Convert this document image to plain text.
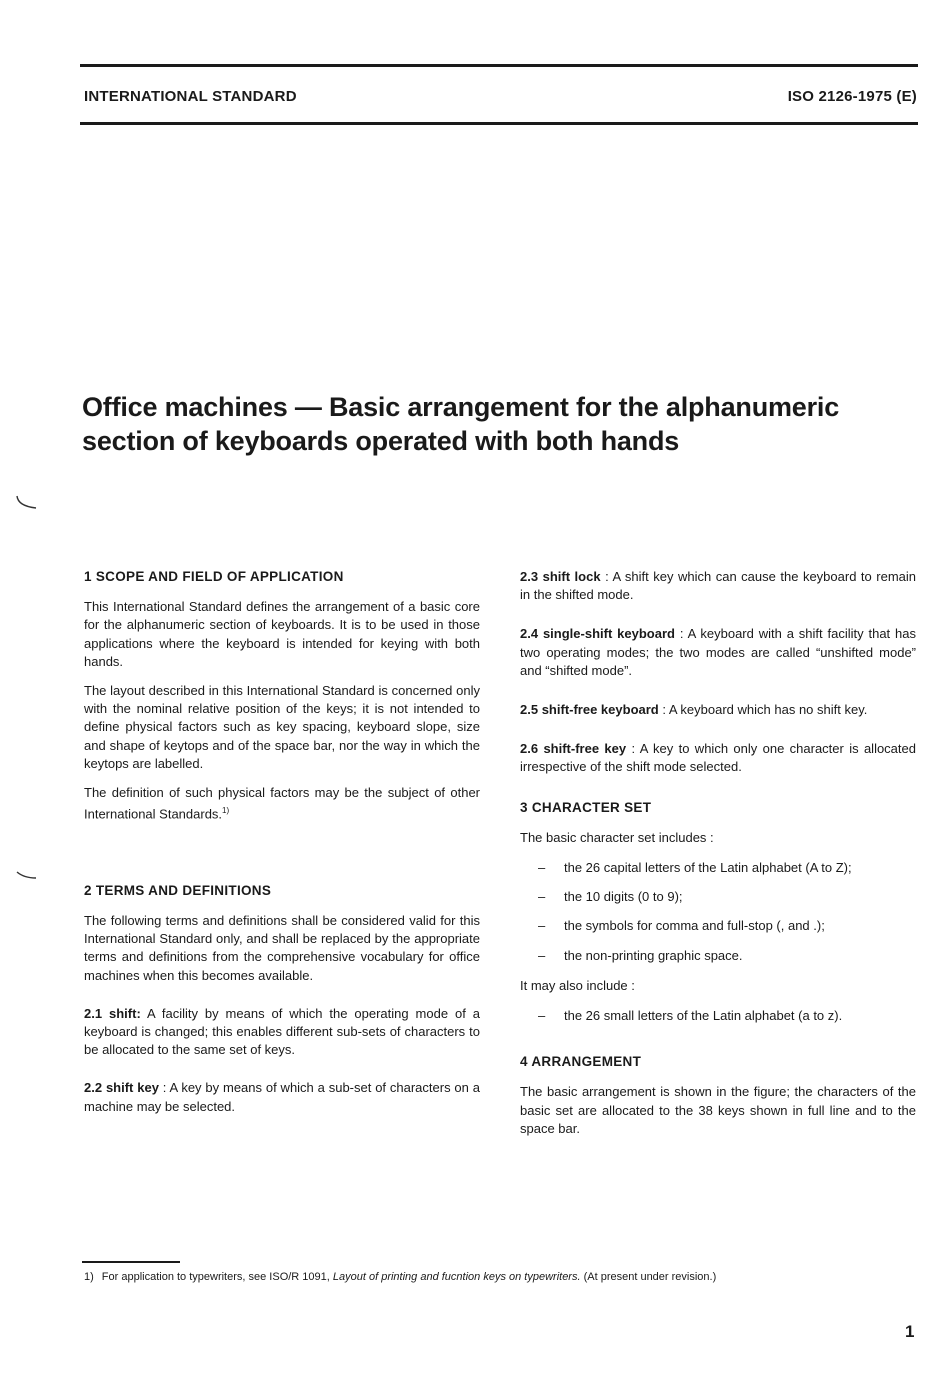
INTERNATIONAL STANDARD	ISO 2126-1975 (E)
Office machines — Basic arrangement for the alphanumeric
section of keyboards operated with both hands
1 SCOPE AND FIELD OF APPLICATION

This International Standard defines the arrangement of a basic core for the alphanumeric section of keyboards. It is to be used in those applications where the keyboard is intended for keying with both hands.

The layout described in this International Standard is concerned only with the nominal relative position of the keys; it is not intended to define physical factors such as key spacing, keyboard slope, size and shape of keytops and of the space bar, nor the way in which the keytops are labelled.

The definition of such physical factors may be the subject of other International Standards.$^{1)}$

2 TERMS AND DEFINITIONS

The following terms and definitions shall be considered valid for this International Standard only, and shall be replaced by the appropriate terms and definitions from the comprehensive vocabulary for office machines when this becomes available.

2.1 shift: A facility by means of which the operating mode of a keyboard is changed; this enables different sub-sets of characters to be allocated to the same set of keys.

2.2 shift key : A key by means of which a sub-set of characters on a machine may be selected.

2.3 shift lock : A shift key which can cause the keyboard to remain in the shifted mode.

2.4 single-shift keyboard : A keyboard with a shift facility that has two operating modes; the two modes are called “unshifted mode” and “shifted mode”.

2.5 shift-free keyboard : A keyboard which has no shift key.

2.6 shift-free key : A key to which only one character is allocated irrespective of the shift mode selected.

3 CHARACTER SET

The basic character set includes :

– the 26 capital letters of the Latin alphabet (A to Z);
– the 10 digits (0 to 9);
– the symbols for comma and full-stop (, and .);
– the non-printing graphic space.

It may also include :

– the 26 small letters of the Latin alphabet (a to z).
4 ARRANGEMENT

The basic arrangement is shown in the figure; the characters of the basic set are allocated to the 38 keys shown in full line and to the space bar.

1) For application to typewriters, see ISO/R 1091, Layout of printing and fucntion keys on typewriters. (At present under revision.)
1
